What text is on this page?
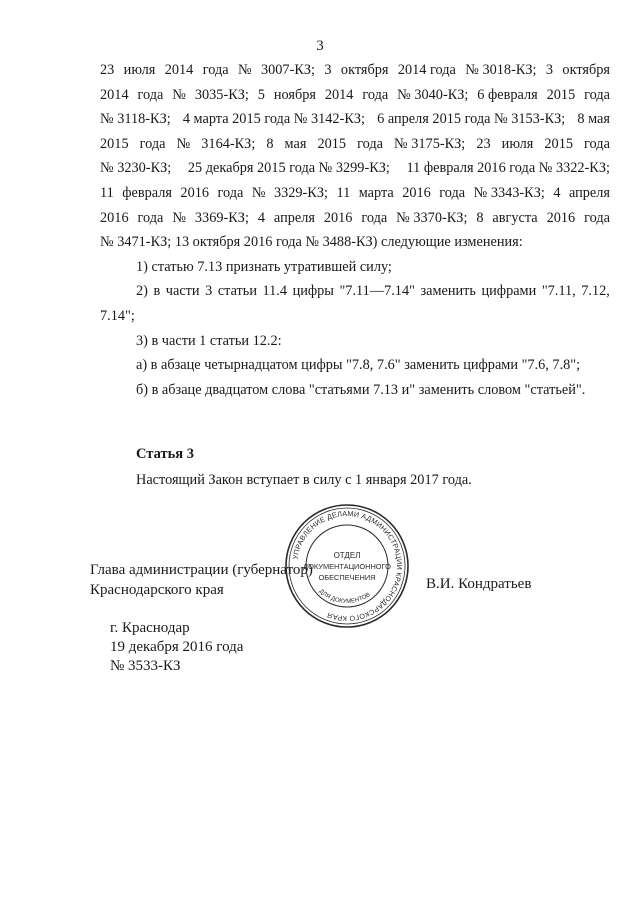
3
23 июля 2014 года № 3007-КЗ; 3 октября 2014 года № 3018-КЗ; 3 октября
2014 года № 3035-КЗ; 5 ноября 2014 года № 3040-КЗ; 6 февраля 2015 года
№ 3118-КЗ; 4 марта 2015 года № 3142-КЗ; 6 апреля 2015 года № 3153-КЗ; 8 мая
2015 года № 3164-КЗ; 8 мая 2015 года № 3175-КЗ; 23 июля 2015 года
№ 3230-КЗ; 25 декабря 2015 года № 3299-КЗ; 11 февраля 2016 года № 3322-КЗ;
11 февраля 2016 года № 3329-КЗ; 11 марта 2016 года № 3343-КЗ; 4 апреля
2016 года № 3369-КЗ; 4 апреля 2016 года № 3370-КЗ; 8 августа 2016 года
№ 3471-КЗ; 13 октября 2016 года № 3488-КЗ) следующие изменения:
1) статью 7.13 признать утратившей силу;
2) в части 3 статьи 11.4 цифры "7.11—7.14" заменить цифрами "7.11, 7.12,
7.14";
3) в части 1 статьи 12.2:
а) в абзаце четырнадцатом цифры "7.8, 7.6" заменить цифрами "7.6, 7.8";
б) в абзаце двадцатом слова "статьями 7.13 и" заменить словом "статьей".
Статья 3
Настоящий Закон вступает в силу с 1 января 2017 года.
Глава администрации (губернатор)
Краснодарского края	В.И. Кондратьев
г. Краснодар
19 декабря 2016 года
№ 3533-КЗ
УПРАВЛЕНИЕ ДЕЛАМИ АДМИНИСТРАЦИИ КРАСНОДАРСКОГО КРАЯ
ДЛЯ ДОКУМЕНТОВ
ОТДЕЛ
ДОКУМЕНТАЦИОННОГО
ОБЕСПЕЧЕНИЯ
